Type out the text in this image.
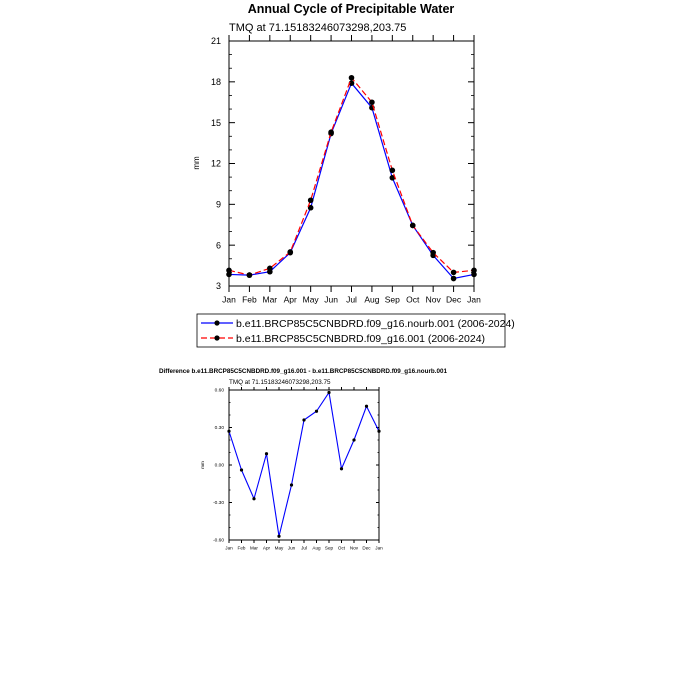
Annual Cycle of Precipitable Water
TMQ at 71.15183246073298,203.75
mm
Difference b.e11.BRCP85C5CNBDRD.f09_g16.001 - b.e11.BRCP85C5CNBDRD.f09_g16.nourb.001
TMQ at 71.15183246073298,203.75
mm
3
6
9
12
15
18
21
Jan Feb Mar Apr May Jun Jul Aug Sep Oct Nov Dec Jan
b.e11.BRCP85C5CNBDRD.f09_g16.nourb.001 (2006-2024)
b.e11.BRCP85C5CNBDRD.f09_g16.001 (2006-2024)
-0.60
-0.30
0.00
0.30
0.60
Jan Feb Mar Apr May Jun Jul Aug Sep Oct Nov Dec Jan
